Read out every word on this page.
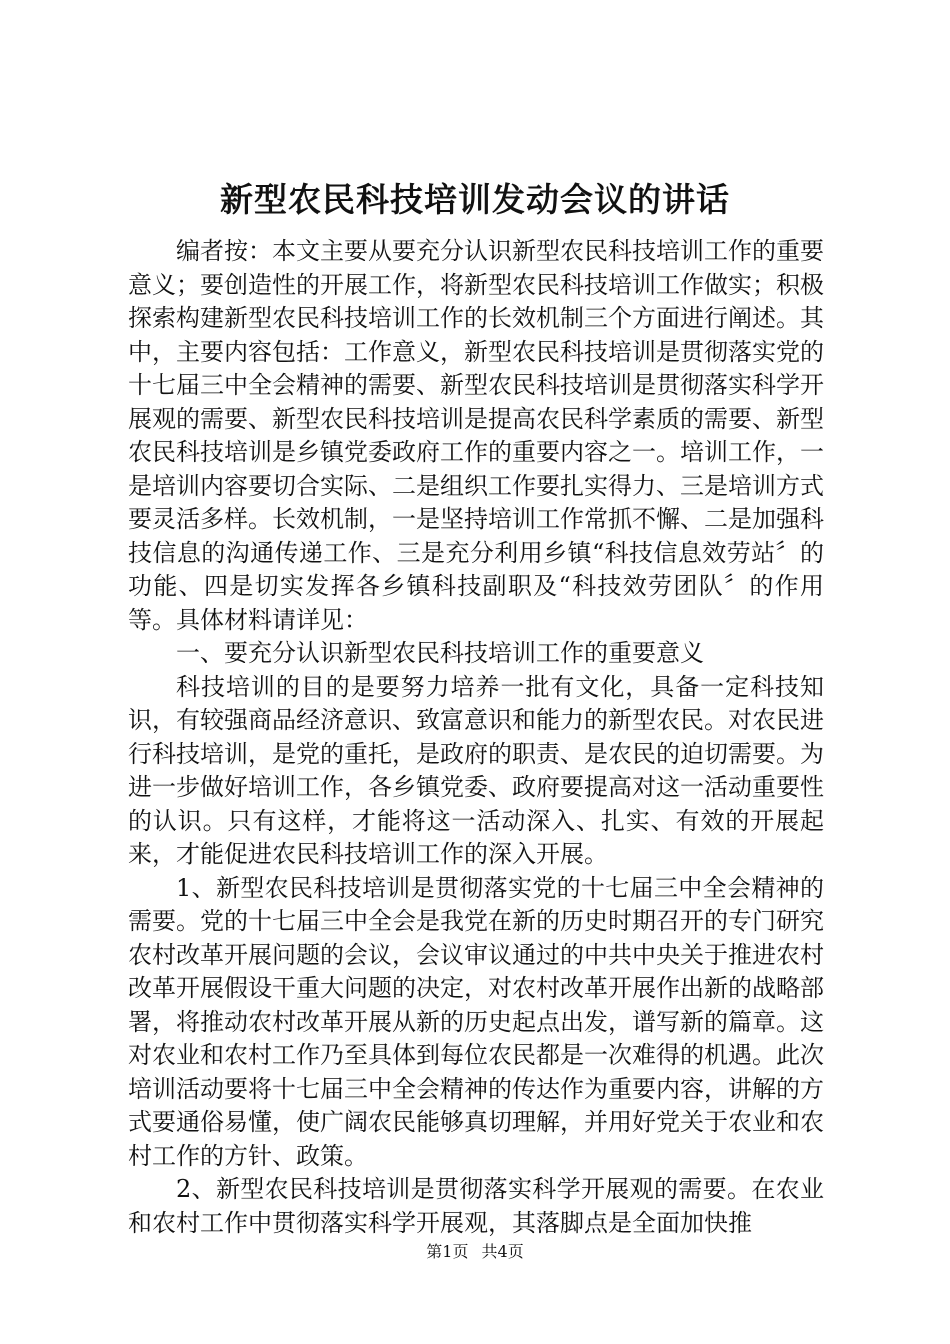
新型农民科技培训发动会议的讲话

编者按：本文主要从要充分认识新型农民科技培训工作的重要意义；要创造性的开展工作，将新型农民科技培训工作做实；积极探索构建新型农民科技培训工作的长效机制三个方面进行阐述。其中，主要内容包括：工作意义，新型农民科技培训是贯彻落实党的十七届三中全会精神的需要、新型农民科技培训是贯彻落实科学开展观的需要、新型农民科技培训是提高农民科学素质的需要、新型农民科技培训是乡镇党委政府工作的重要内容之一。培训工作，一是培训内容要切合实际、二是组织工作要扎实得力、三是培训方式要灵活多样。长效机制，一是坚持培训工作常抓不懈、二是加强科技信息的沟通传递工作、三是充分利用乡镇“科技信息效劳站〞的功能、四是切实发挥各乡镇科技副职及“科技效劳团队〞的作用等。具体材料请详见：

一、要充分认识新型农民科技培训工作的重要意义

科技培训的目的是要努力培养一批有文化，具备一定科技知识，有较强商品经济意识、致富意识和能力的新型农民。对农民进行科技培训，是党的重托，是政府的职责、是农民的迫切需要。为进一步做好培训工作，各乡镇党委、政府要提高对这一活动重要性的认识。只有这样，才能将这一活动深入、扎实、有效的开展起来，才能促进农民科技培训工作的深入开展。

1、新型农民科技培训是贯彻落实党的十七届三中全会精神的需要。党的十七届三中全会是我党在新的历史时期召开的专门研究农村改革开展问题的会议，会议审议通过的中共中央关于推进农村改革开展假设干重大问题的决定，对农村改革开展作出新的战略部署，将推动农村改革开展从新的历史起点出发，谱写新的篇章。这对农业和农村工作乃至具体到每位农民都是一次难得的机遇。此次培训活动要将十七届三中全会精神的传达作为重要内容，讲解的方式要通俗易懂，使广阔农民能够真切理解，并用好党关于农业和农村工作的方针、政策。

2、新型农民科技培训是贯彻落实科学开展观的需要。在农业和农村工作中贯彻落实科学开展观，其落脚点是全面加快推

第1页 共4页
